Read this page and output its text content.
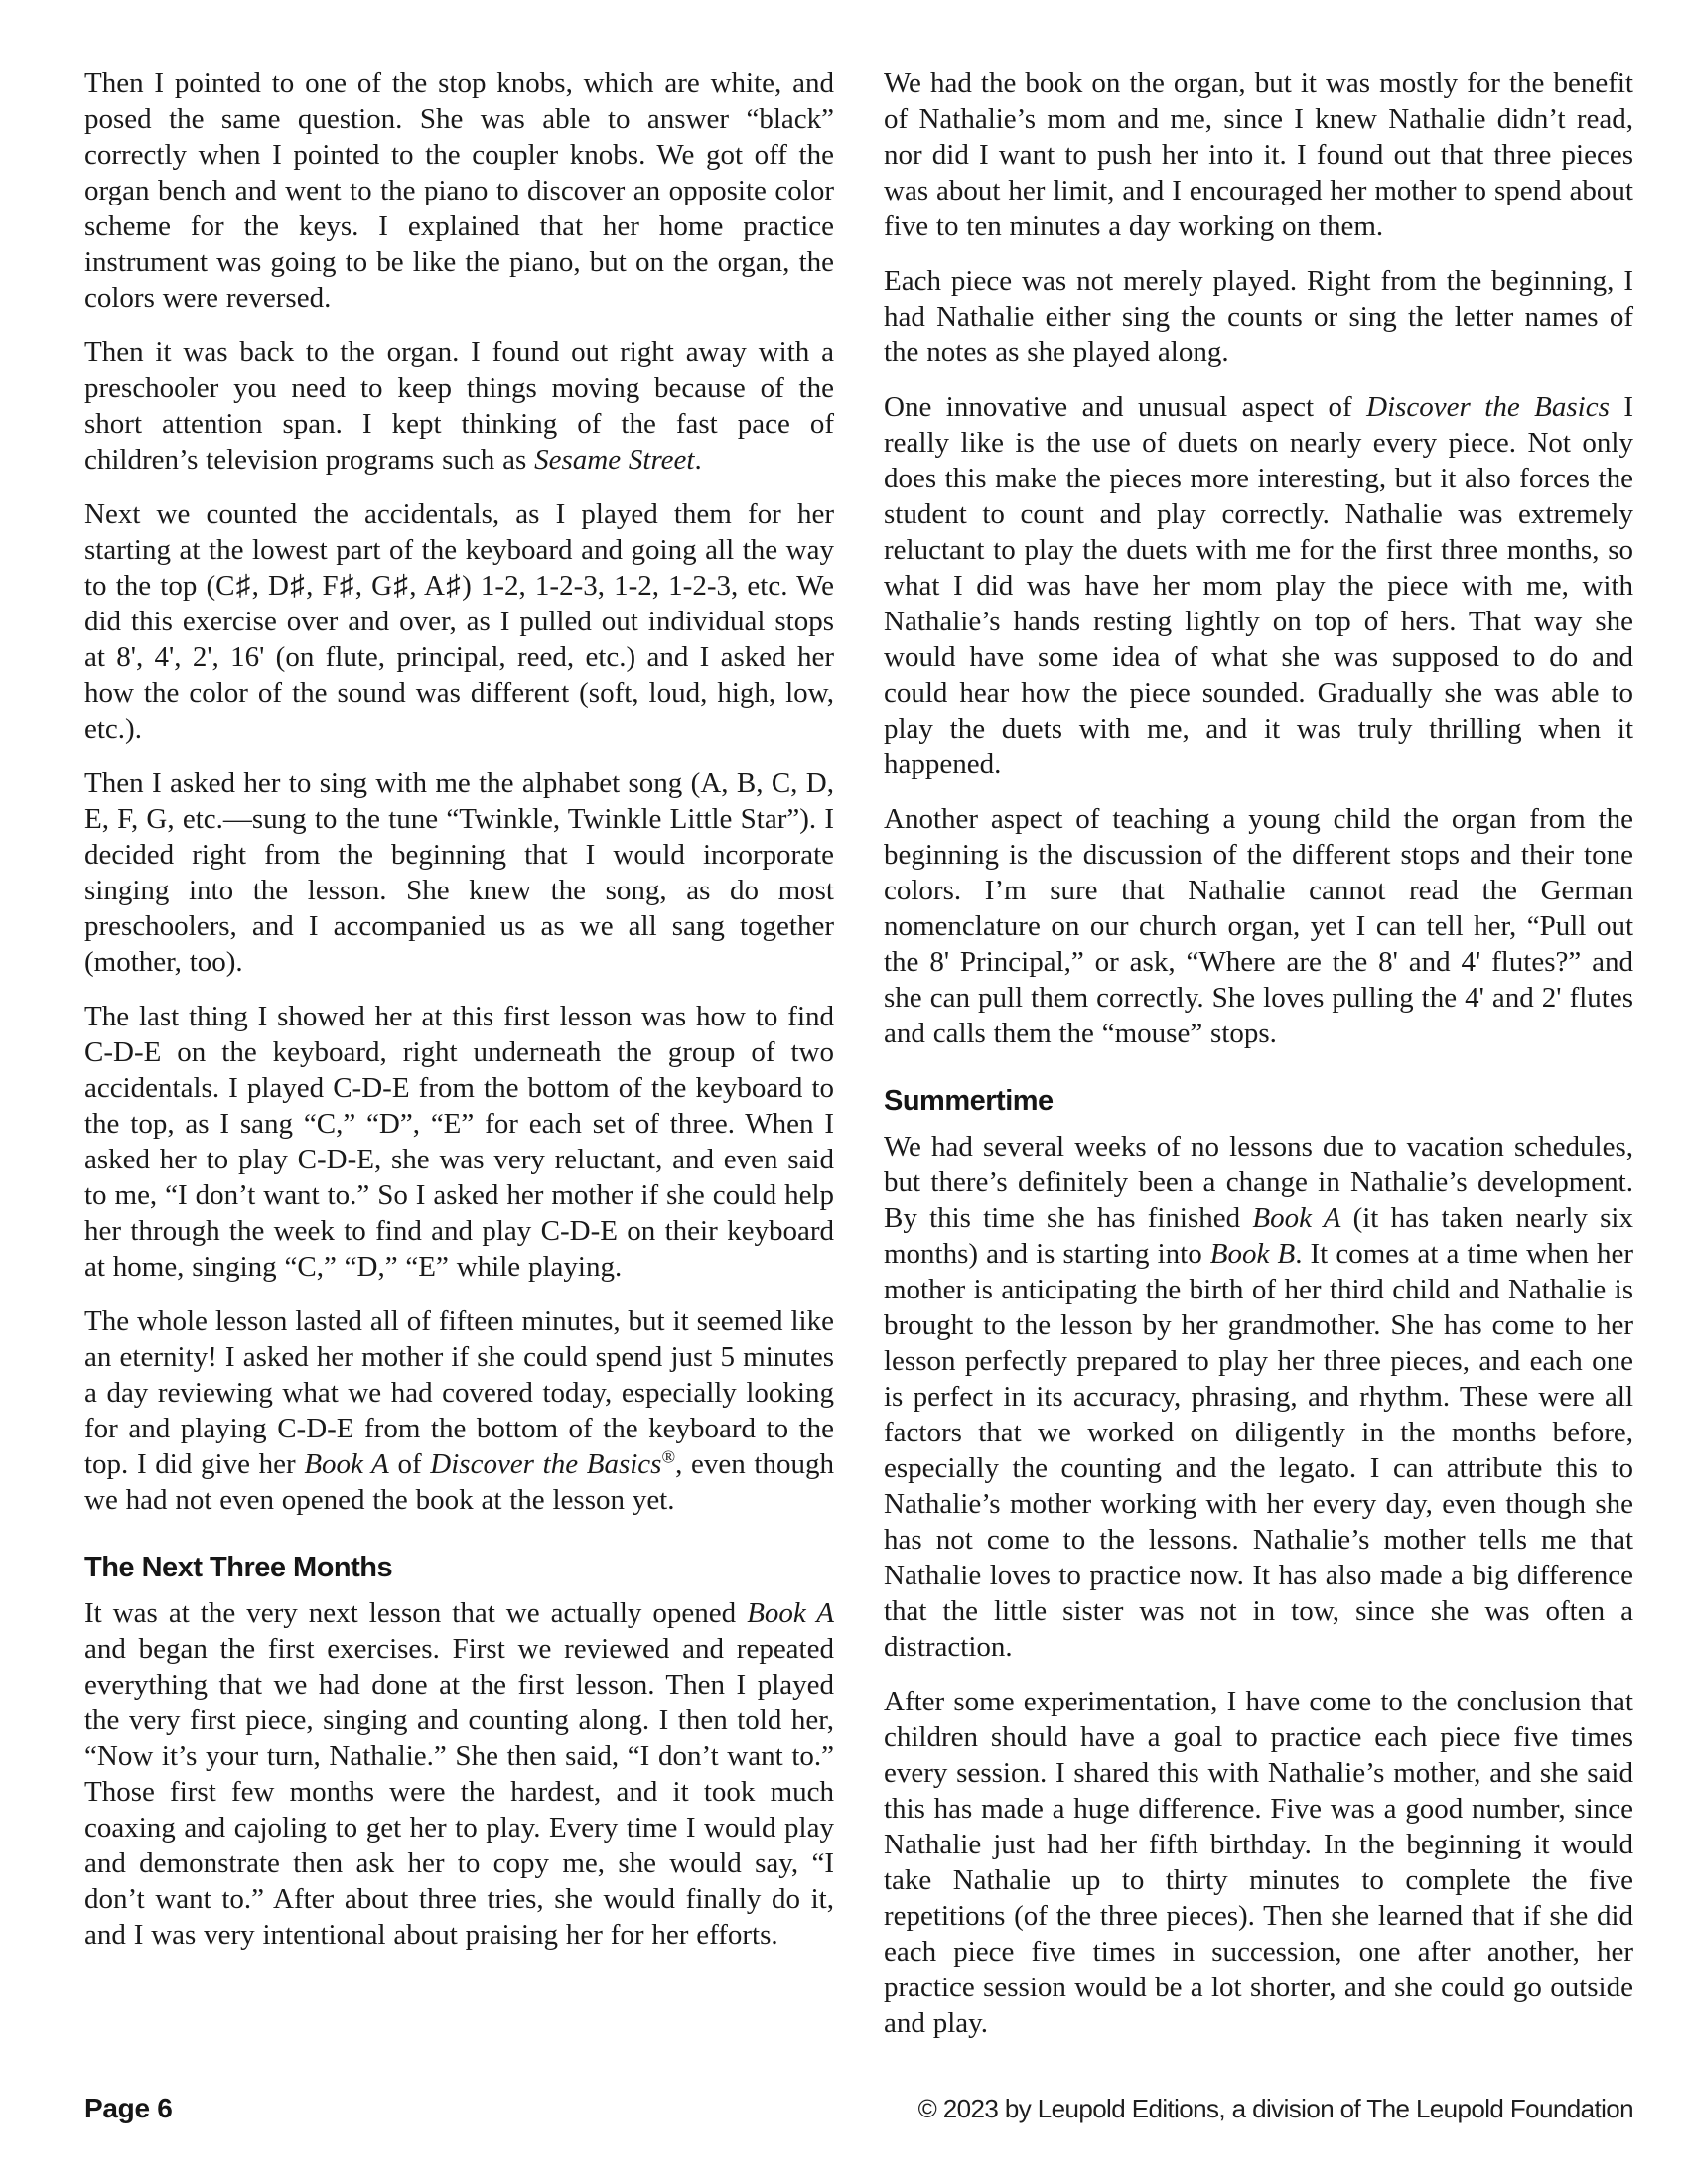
Then I pointed to one of the stop knobs, which are white, and posed the same question. She was able to answer “black” correctly when I pointed to the coupler knobs. We got off the organ bench and went to the piano to discover an opposite color scheme for the keys. I explained that her home practice instrument was going to be like the piano, but on the organ, the colors were reversed.

Then it was back to the organ. I found out right away with a preschooler you need to keep things moving because of the short attention span. I kept thinking of the fast pace of children’s television programs such as Sesame Street.

Next we counted the accidentals, as I played them for her starting at the lowest part of the keyboard and going all the way to the top (C♯, D♯, F♯, G♯, A♯) 1-2, 1-2-3, 1-2, 1-2-3, etc. We did this exercise over and over, as I pulled out individual stops at 8', 4', 2', 16' (on flute, principal, reed, etc.) and I asked her how the color of the sound was different (soft, loud, high, low, etc.).

Then I asked her to sing with me the alphabet song (A, B, C, D, E, F, G, etc.—sung to the tune “Twinkle, Twinkle Little Star”). I decided right from the beginning that I would incorporate singing into the lesson. She knew the song, as do most preschoolers, and I accompanied us as we all sang together (mother, too).

The last thing I showed her at this first lesson was how to find C-D-E on the keyboard, right underneath the group of two accidentals. I played C-D-E from the bottom of the keyboard to the top, as I sang “C,” “D”, “E” for each set of three. When I asked her to play C-D-E, she was very reluctant, and even said to me, “I don’t want to.” So I asked her mother if she could help her through the week to find and play C-D-E on their keyboard at home, singing “C,” “D,” “E” while playing.

The whole lesson lasted all of fifteen minutes, but it seemed like an eternity! I asked her mother if she could spend just 5 minutes a day reviewing what we had covered today, especially looking for and playing C-D-E from the bottom of the keyboard to the top. I did give her Book A of Discover the Basics®, even though we had not even opened the book at the lesson yet.

The Next Three Months

It was at the very next lesson that we actually opened Book A and began the first exercises. First we reviewed and repeated everything that we had done at the first lesson. Then I played the very first piece, singing and counting along. I then told her, “Now it’s your turn, Nathalie.” She then said, “I don’t want to.” Those first few months were the hardest, and it took much coaxing and cajoling to get her to play. Every time I would play and demonstrate then ask her to copy me, she would say, “I don’t want to.” After about three tries, she would finally do it, and I was very intentional about praising her for her efforts.

We had the book on the organ, but it was mostly for the benefit of Nathalie’s mom and me, since I knew Nathalie didn’t read, nor did I want to push her into it. I found out that three pieces was about her limit, and I encouraged her mother to spend about five to ten minutes a day working on them.

Each piece was not merely played. Right from the beginning, I had Nathalie either sing the counts or sing the letter names of the notes as she played along.

One innovative and unusual aspect of Discover the Basics I really like is the use of duets on nearly every piece. Not only does this make the pieces more interesting, but it also forces the student to count and play correctly. Nathalie was extremely reluctant to play the duets with me for the first three months, so what I did was have her mom play the piece with me, with Nathalie’s hands resting lightly on top of hers. That way she would have some idea of what she was supposed to do and could hear how the piece sounded. Gradually she was able to play the duets with me, and it was truly thrilling when it happened.

Another aspect of teaching a young child the organ from the beginning is the discussion of the different stops and their tone colors. I’m sure that Nathalie cannot read the German nomenclature on our church organ, yet I can tell her, “Pull out the 8' Principal,” or ask, “Where are the 8' and 4' flutes?” and she can pull them correctly. She loves pulling the 4' and 2' flutes and calls them the “mouse” stops.

Summertime

We had several weeks of no lessons due to vacation schedules, but there’s definitely been a change in Nathalie’s development. By this time she has finished Book A (it has taken nearly six months) and is starting into Book B. It comes at a time when her mother is anticipating the birth of her third child and Nathalie is brought to the lesson by her grandmother. She has come to her lesson perfectly prepared to play her three pieces, and each one is perfect in its accuracy, phrasing, and rhythm. These were all factors that we worked on diligently in the months before, especially the counting and the legato. I can attribute this to Nathalie’s mother working with her every day, even though she has not come to the lessons. Nathalie’s mother tells me that Nathalie loves to practice now. It has also made a big difference that the little sister was not in tow, since she was often a distraction.

After some experimentation, I have come to the conclusion that children should have a goal to practice each piece five times every session. I shared this with Nathalie’s mother, and she said this has made a huge difference. Five was a good number, since Nathalie just had her fifth birthday. In the beginning it would take Nathalie up to thirty minutes to complete the five repetitions (of the three pieces). Then she learned that if she did each piece five times in succession, one after another, her practice session would be a lot shorter, and she could go outside and play.

Page 6	© 2023 by Leupold Editions, a division of The Leupold Foundation
